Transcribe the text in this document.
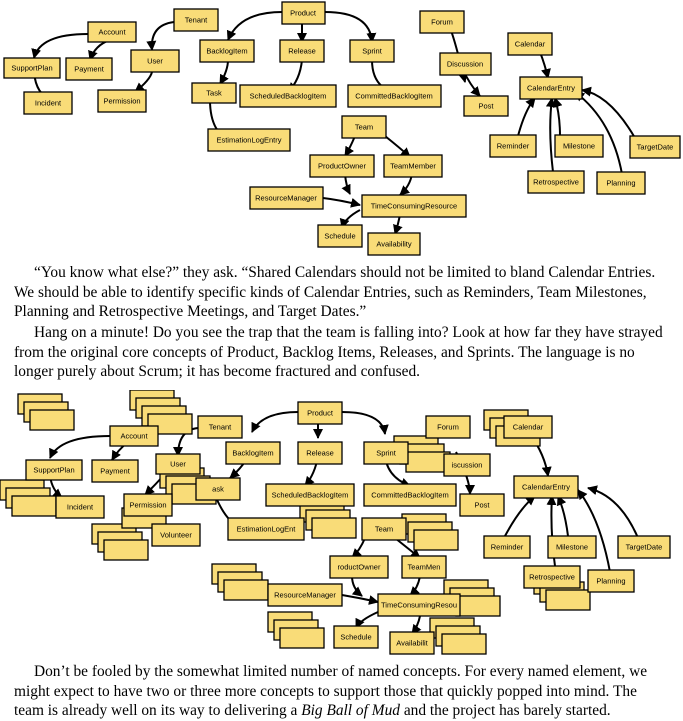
Tenant
Account
Product
Forum
Calendar
SupportPlan	Payment
User
BacklogItem	Release	Sprint
Discussion
Incident	Permission
Task	ScheduledBacklogItem	CommittedBacklogItem
Post
CalendarEntry
EstimationLogEntry
Team
Reminder	Milestone	TargetDate
ProductOwner	TeamMember
Retrospective	Planning
ResourceManager
TimeConsumingResource
Schedule
Availability

“You know what else?” they ask. “Shared Calendars should not be limited to bland Calendar Entries. We should be able to identify specific kinds of Calendar Entries, such as Reminders, Team Milestones, Planning and Retrospective Meetings, and Target Dates.”

Hang on a minute! Do you see the trap that the team is falling into? Look at how far they have strayed from the original core concepts of Product, Backlog Items, Releases, and Sprints. The language is no longer purely about Scrum; it has become fractured and confused.

Tenant
Account
Product
Forum	Calendar
SupportPlan	Payment
User
BacklogItem	Release	Sprint
iscussion
Incident	Permission
ask
ScheduledBacklogItem	CommittedBacklogItem
Post
CalendarEntry
Volunteer
EstimationLogEnt	Team
Reminder	Milestone	TargetDate
roductOwner	TeamMen
Retrospective	Planning
ResourceManager
TimeConsumingResou
Schedule
Availabilit

Don’t be fooled by the somewhat limited number of named concepts. For every named element, we might expect to have two or three more concepts to support those that quickly popped into mind. The team is already well on its way to delivering a Big Ball of Mud and the project has barely started.
